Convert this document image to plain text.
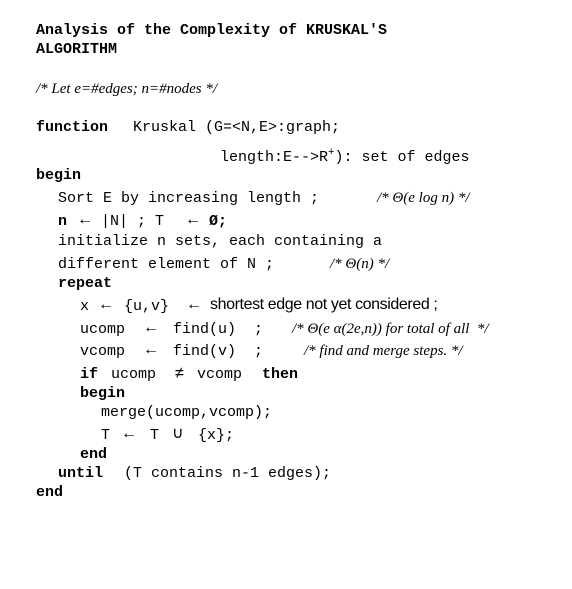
Analysis of the Complexity of KRUSKAL'S
ALGORITHM
/* Let e=#edges; n=#nodes */
function Kruskal (G=<N,E>:graph;
length:E-->R+): set of edges
begin
Sort E by increasing length ;	/* Θ(e log n) */
n ← |N| ; T ← Ø;
initialize n sets, each containing a
different element of N ;	/* Θ(n) */
repeat
x ← {u,v} ← shortest edge not yet considered ;
ucomp ← find(u)  ; /* Θ(e α(2e,n)) for total of all  */
vcomp ← find(v)  ;	/* find and merge steps. */
if ucomp ≠ vcomp then
begin
merge(ucomp,vcomp);
T ← T ∪ {x};
end
until (T contains n-1 edges);
end
